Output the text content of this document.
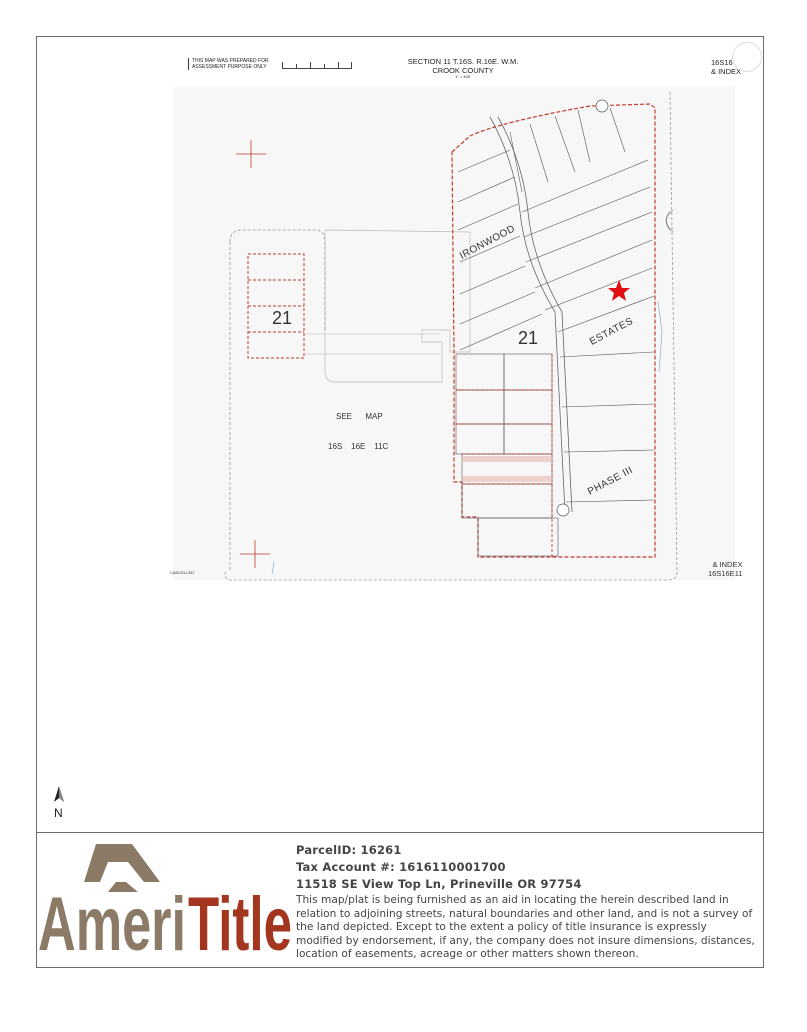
THIS MAP WAS PREPARED FOR
ASSESSMENT PURPOSE ONLY
SECTION 11 T.16S. R.16E. W.M.
CROOK COUNTY
1" = 400'
16S16
& INDEX
21
21
IRONWOOD
ESTATES
PHASE III
SEE      MAP
16S    16E    11C
CANCELLED
& INDEX
16S16E11
N
Ameri Title
ParcelID: 16261
Tax Account #: 1616110001700
11518 SE View Top Ln, Prineville OR 97754
This map/plat is being furnished as an aid in locating the herein described land in relation to adjoining streets, natural boundaries and other land, and is not a survey of the land depicted. Except to the extent a policy of title insurance is expressly modified by endorsement, if any, the company does not insure dimensions, distances, location of easements, acreage or other matters shown thereon.
